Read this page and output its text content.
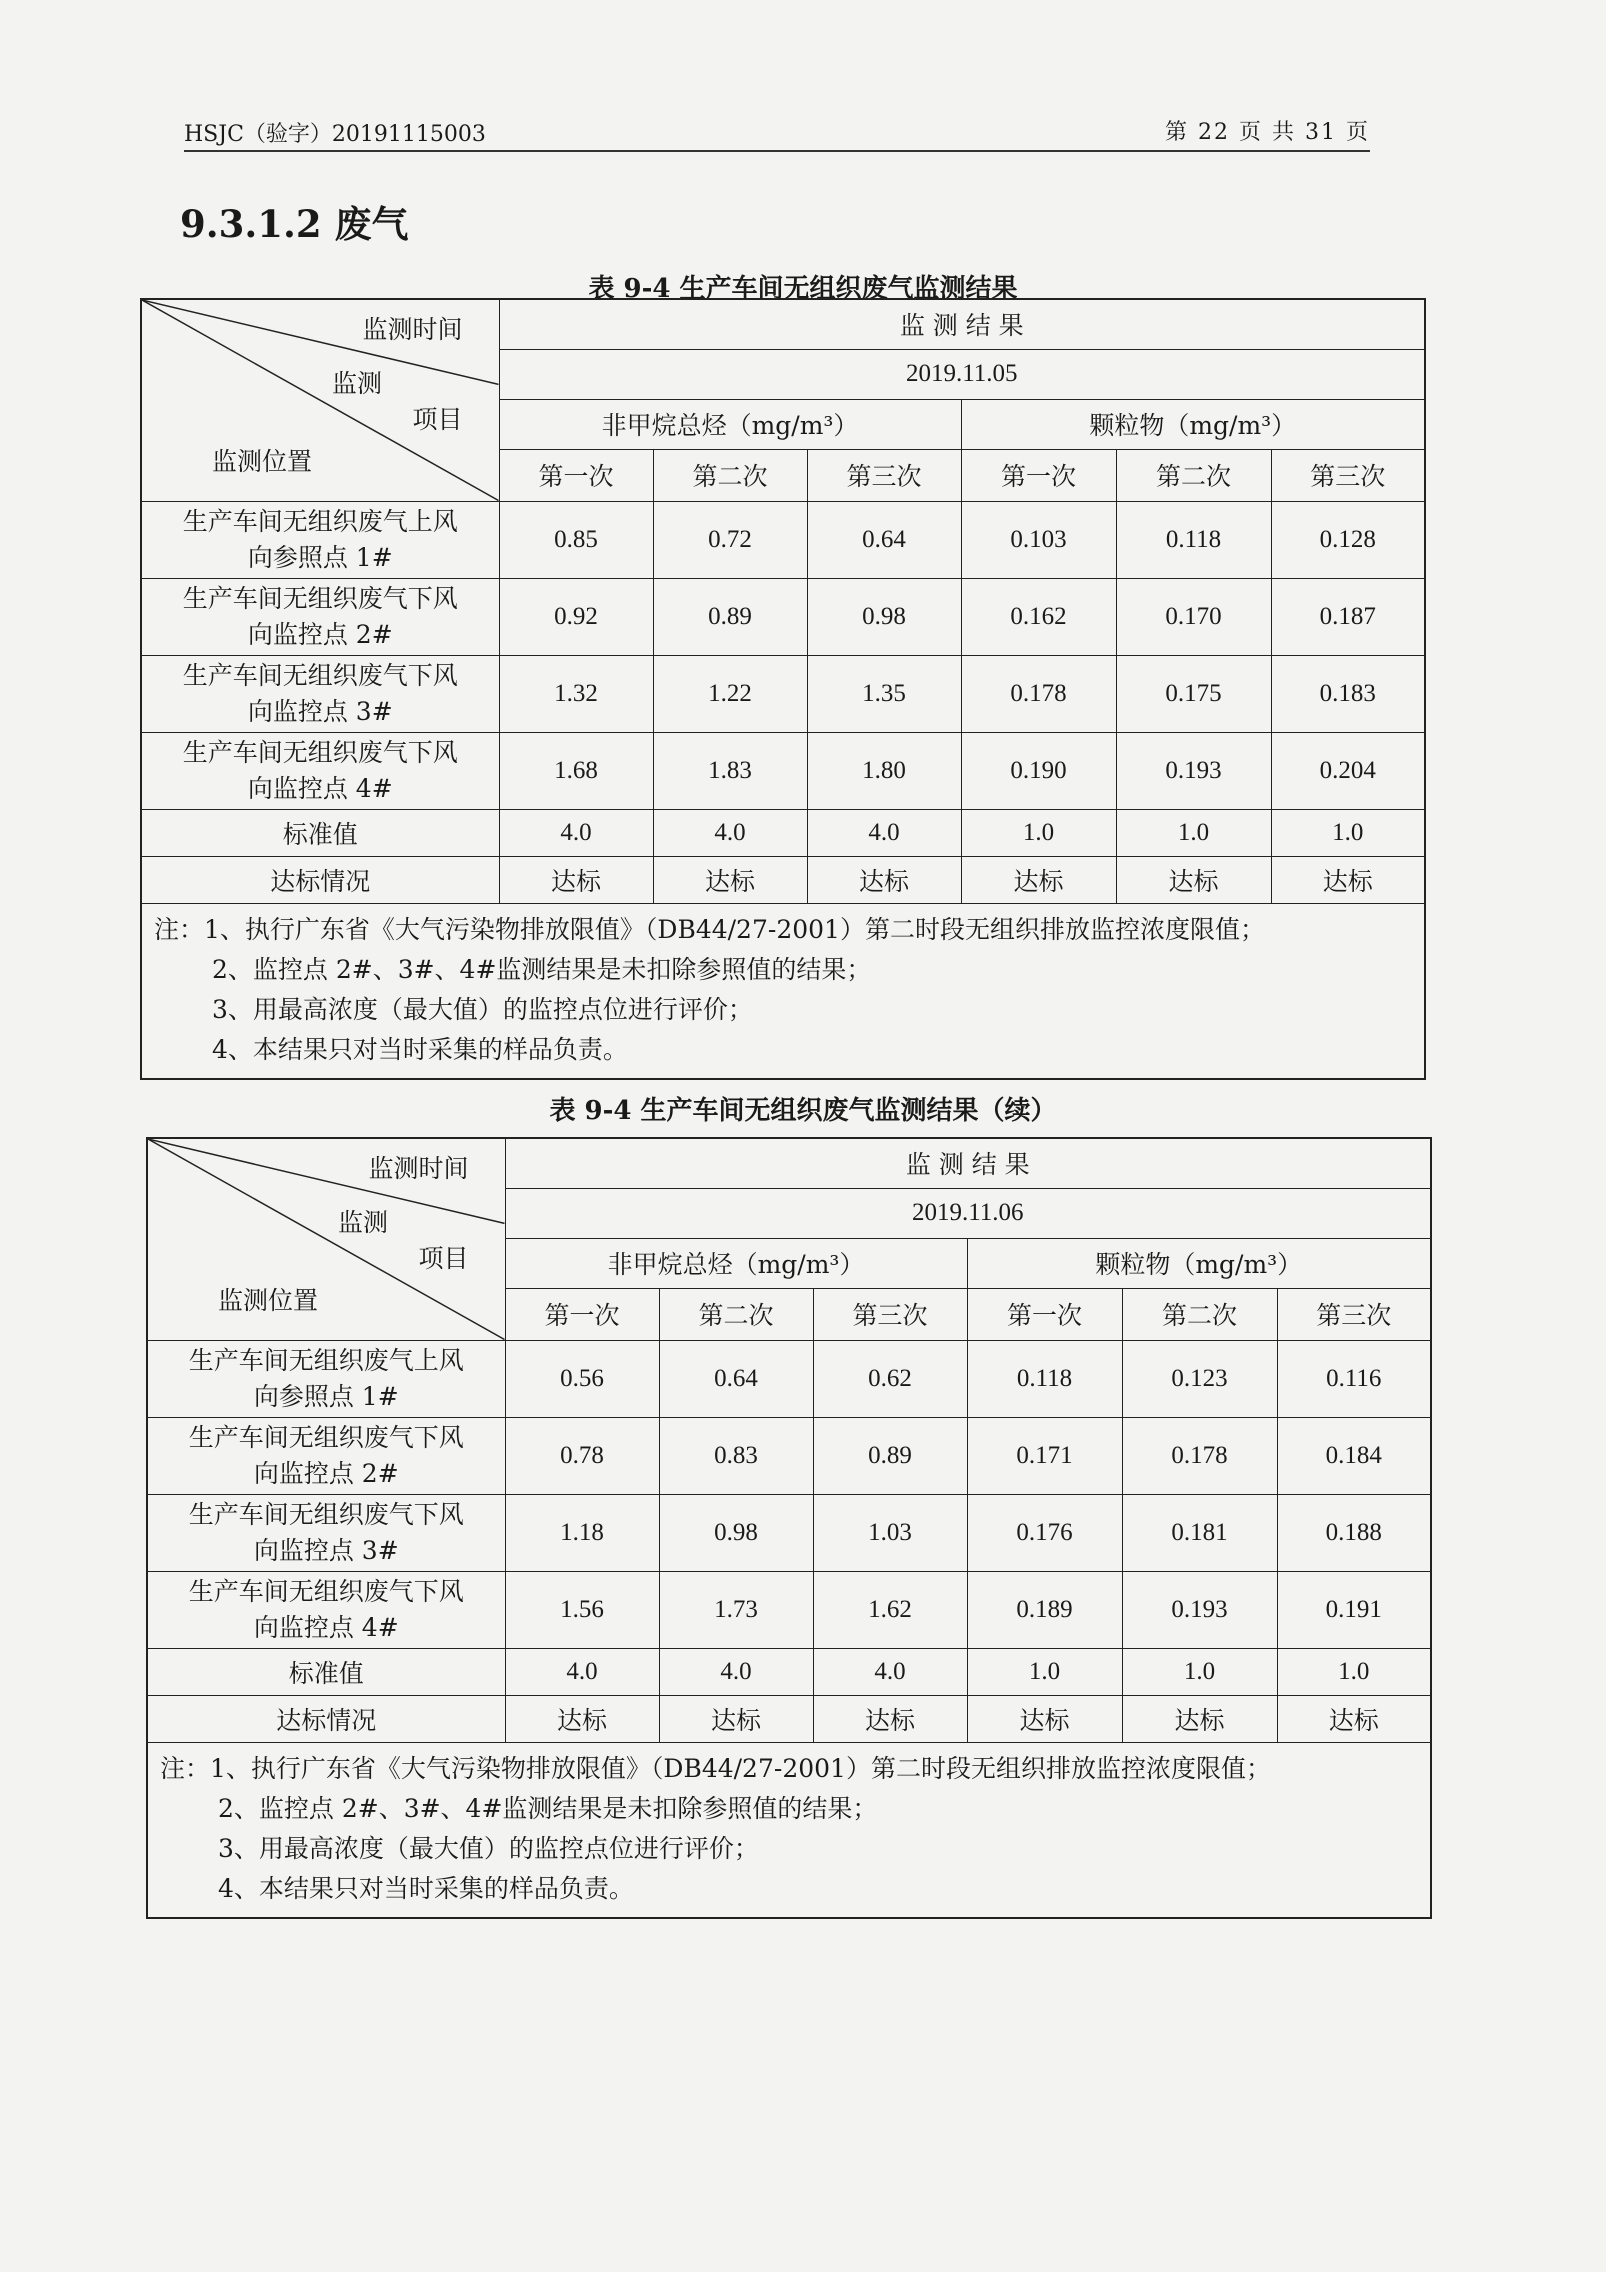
HSJC（验字）20191115003	第 22 页 共 31 页
9.3.1.2 废气
表 9-4 生产车间无组织废气监测结果
监测时间
监测
项目
监测位置	监 测 结 果					
	2019.11.05					
	非甲烷总烃（mg/m³）			颗粒物（mg/m³）		
	第一次	第二次	第三次	第一次	第二次	第三次
生产车间无组织废气上风
向参照点 1#	0.85	0.72	0.64	0.103	0.118	0.128
生产车间无组织废气下风
向监控点 2#	0.92	0.89	0.98	0.162	0.170	0.187
生产车间无组织废气下风
向监控点 3#	1.32	1.22	1.35	0.178	0.175	0.183
生产车间无组织废气下风
向监控点 4#	1.68	1.83	1.80	0.190	0.193	0.204
标准值	4.0	4.0	4.0	1.0	1.0	1.0
达标情况	达标	达标	达标	达标	达标	达标

注：1、执行广东省《大气污染物排放限值》（DB44/27-2001）第二时段无组织排放监控浓度限值；
2、监控点 2#、3#、4#监测结果是未扣除参照值的结果；
3、用最高浓度（最大值）的监控点位进行评价；
4、本结果只对当时采集的样品负责。						
表 9-4 生产车间无组织废气监测结果（续）
监测时间
监测
项目
监测位置	监 测 结 果					
	2019.11.06					
	非甲烷总烃（mg/m³）			颗粒物（mg/m³）		
	第一次	第二次	第三次	第一次	第二次	第三次
生产车间无组织废气上风
向参照点 1#	0.56	0.64	0.62	0.118	0.123	0.116
生产车间无组织废气下风
向监控点 2#	0.78	0.83	0.89	0.171	0.178	0.184
生产车间无组织废气下风
向监控点 3#	1.18	0.98	1.03	0.176	0.181	0.188
生产车间无组织废气下风
向监控点 4#	1.56	1.73	1.62	0.189	0.193	0.191
标准值	4.0	4.0	4.0	1.0	1.0	1.0
达标情况	达标	达标	达标	达标	达标	达标

注：1、执行广东省《大气污染物排放限值》（DB44/27-2001）第二时段无组织排放监控浓度限值；
2、监控点 2#、3#、4#监测结果是未扣除参照值的结果；
3、用最高浓度（最大值）的监控点位进行评价；
4、本结果只对当时采集的样品负责。						
